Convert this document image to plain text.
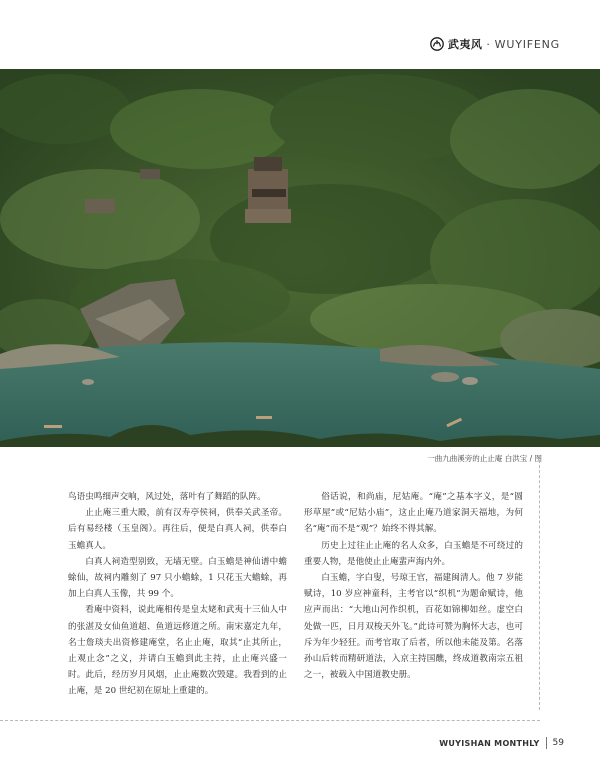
武夷风 · WUYIFENG
一曲九曲溪旁的止止庵 白洪宝 / 图

鸟语虫鸣细声交响，风过处，落叶有了舞蹈的队阵。

止止庵三重大殿，前有汉寿亭侯祠，供奉关武圣帝。后有易经楼（玉皇阁）。再往后，便是白真人祠，供奉白玉蟾真人。

白真人祠造型别致，无墙无壁。白玉蟾是神仙谱中蟾蜍仙，故祠内雕刻了 97 只小蟾蜍，1 只花玉大蟾蜍，再加上白真人玉像，共 99 个。

看庵中资料，说此庵相传是皇太姥和武夷十三仙人中的张湛及女仙鱼道超、鱼道远修道之所。南宋嘉定九年，名士詹琰夫出资修建庵堂，名止止庵，取其“止其所止，止观止念”之义，并请白玉蟾到此主持，止止庵兴盛一时。此后，经历岁月风烟，止止庵数次毁建。我看到的止止庵，是 20 世纪初在原址上重建的。

俗话说，和尚庙，尼姑庵。“庵”之基本字义，是“圆形草屋”或“尼姑小庙”，这止止庵乃道家洞天福地，为何名“庵”而不是“观”？始终不得其解。

历史上过往止止庵的名人众多，白玉蟾是不可绕过的重要人物，是他使止止庵蜚声海内外。

白玉蟾，字白叟，号琼王官，福建闽清人。他 7 岁能赋诗，10 岁应神童科，主考官以“织机”为题命赋诗，他应声而出：“大地山河作织机，百花如锦柳如丝。虚空白处做一匹，日月双梭天外飞。”此诗可赞为胸怀大志，也可斥为年少轻狂。而考官取了后者，所以他未能及第。名落孙山后转而精研道法，入京主持国醮，终成道教南宗五祖之一，被载入中国道教史册。

WUYISHAN MONTHLY 59
